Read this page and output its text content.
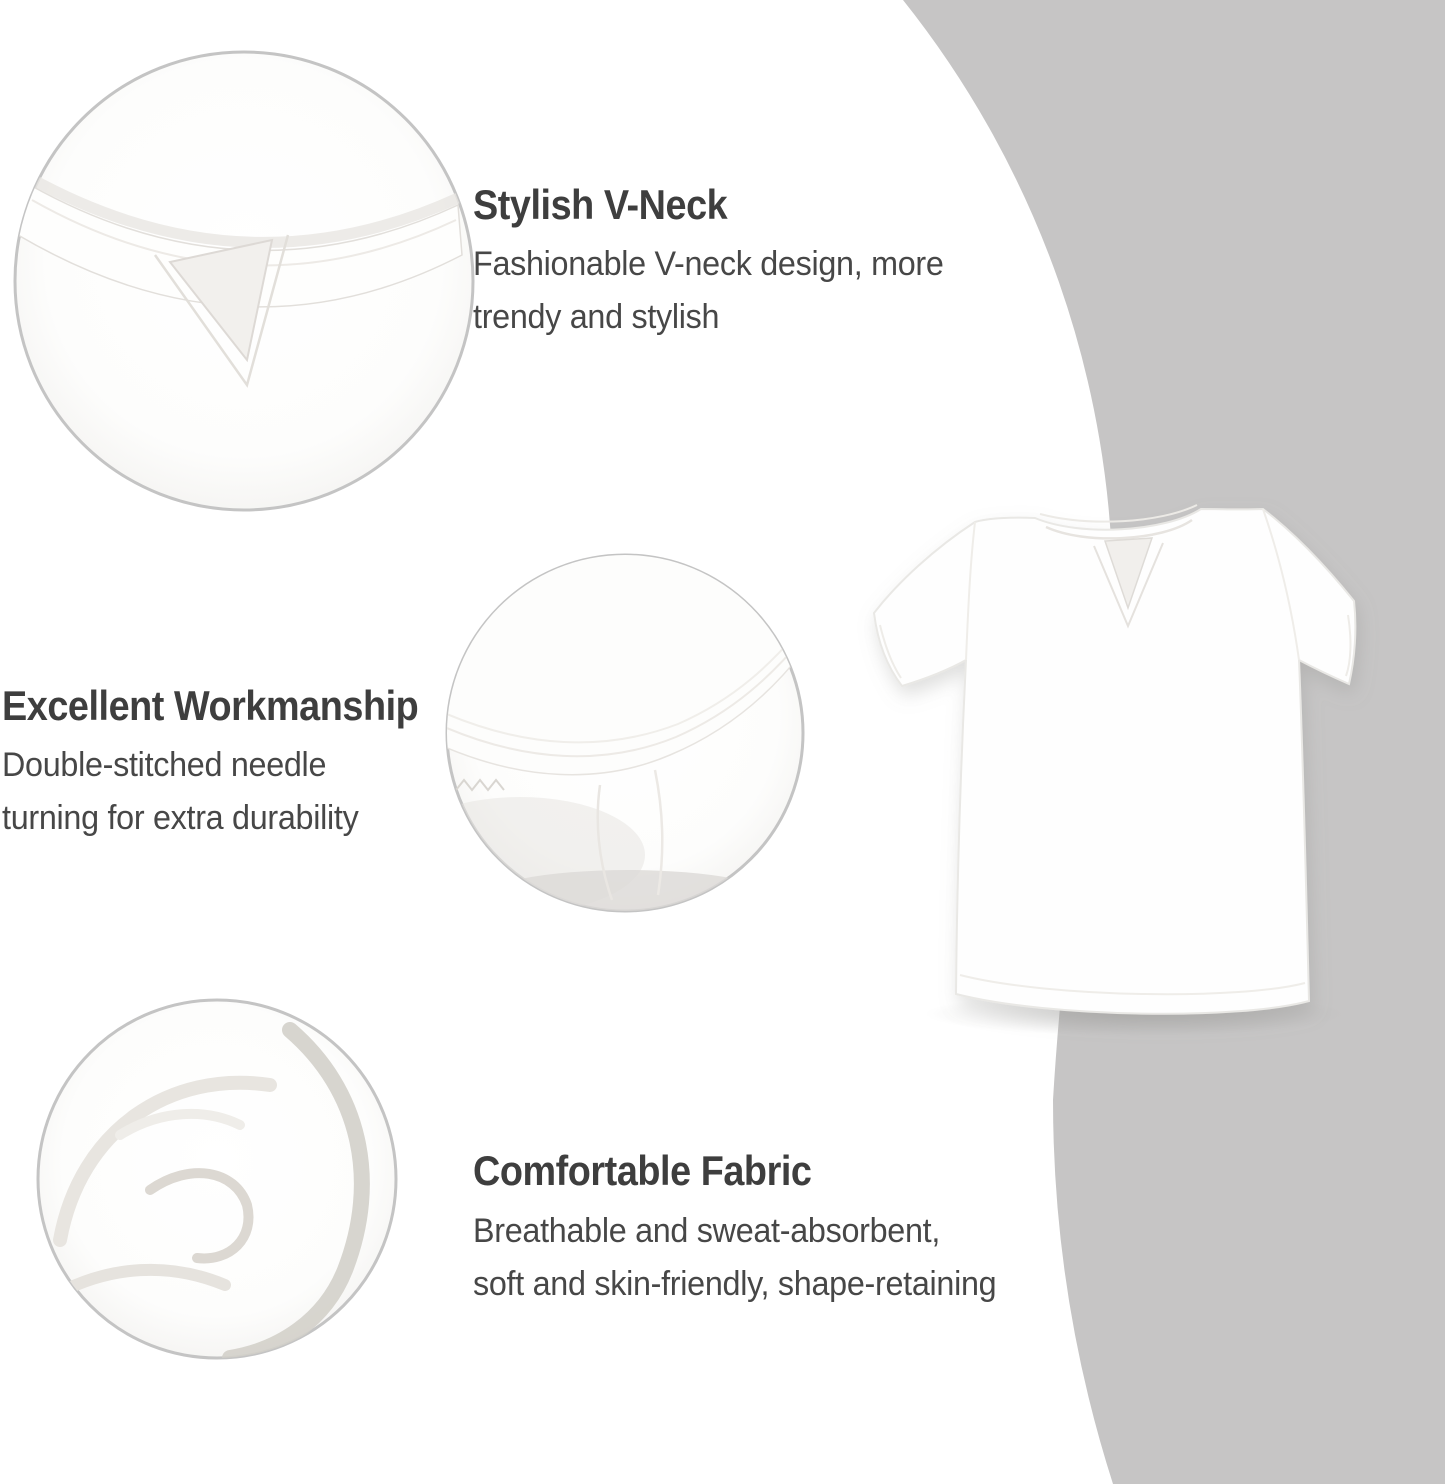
Stylish V-Neck
Fashionable V-neck design, more
trendy and stylish
Excellent Workmanship
Double-stitched needle
turning for extra durability
Comfortable Fabric
Breathable and sweat-absorbent,
soft and skin-friendly, shape-retaining
